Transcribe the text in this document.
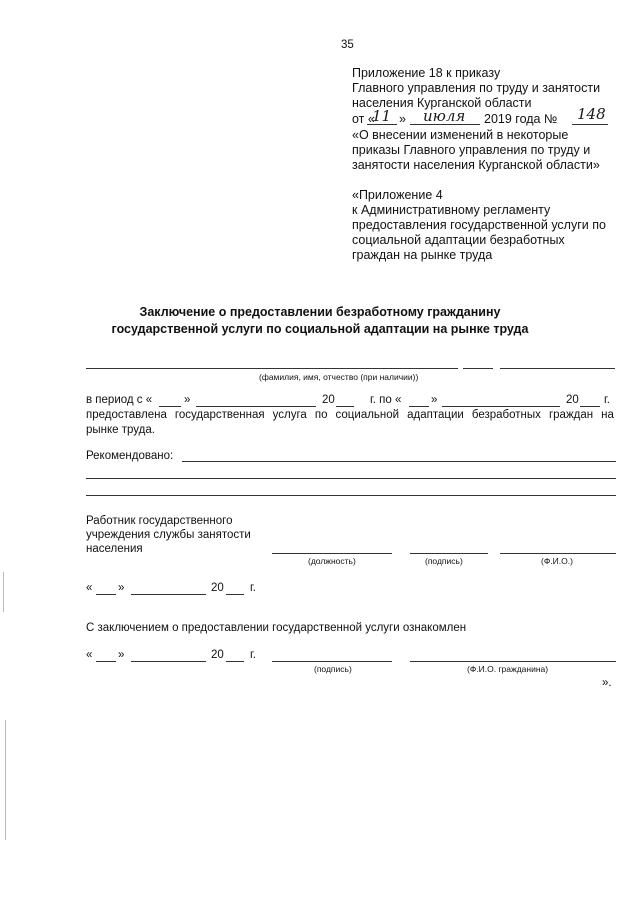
35
Приложение 18 к приказу
Главного управления по труду и занятости
населения Курганской области
от «
11 » июля 2019 года № 148
«О внесении изменений в некоторые
приказы Главного управления по труду и
занятости населения Курганской области»
«Приложение 4
к Административному регламенту
предоставления государственной услуги по
социальной адаптации безработных
граждан на рынке труда
Заключение о предоставлении безработному гражданину
государственной услуги по социальной адаптации на рынке труда
(фамилия, имя, отчество (при наличии))
в период с «	»	20	г. по «	»	20 г.
предоставлена государственная услуга по социальной адаптации безработных граждан на
рынке труда.
Рекомендовано:
Работник государственного
учреждения службы занятости
населения
(должность)	(подпись)	(Ф.И.О.)
« »	20 г.
С заключением о предоставлении государственной услуги ознакомлен
« »	20 г.
(подпись)	(Ф.И.О. гражданина)
».
